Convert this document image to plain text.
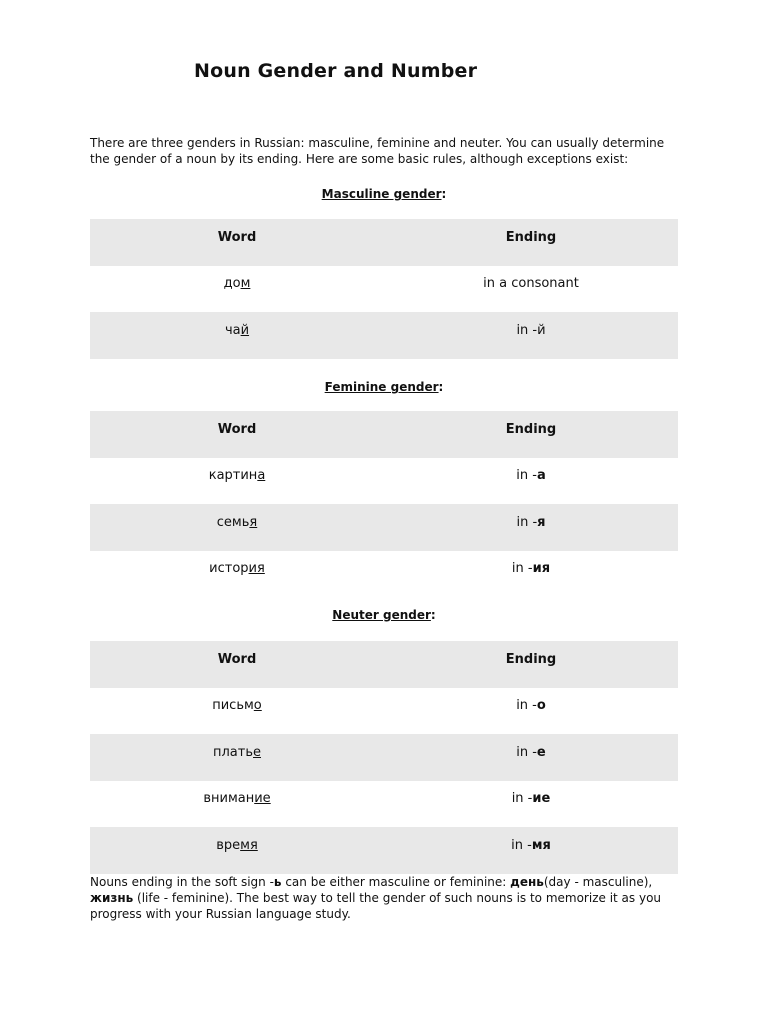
Noun Gender and Number

There are three genders in Russian: masculine, feminine and neuter. You can usually determine the gender of a noun by its ending. Here are some basic rules, although exceptions exist:

Masculine gender:

Word	Ending
дом	in a consonant
чай	in -й

Feminine gender:

Word	Ending
картина	in -а
семья	in -я
история	in -ия

Neuter gender:

Word	Ending
письмо	in -о
платье	in -е
внимание	in -ие
время	in -мя

Nouns ending in the soft sign -ь can be either masculine or feminine: день(day - masculine), жизнь (life - feminine). The best way to tell the gender of such nouns is to memorize it as you progress with your Russian language study.
